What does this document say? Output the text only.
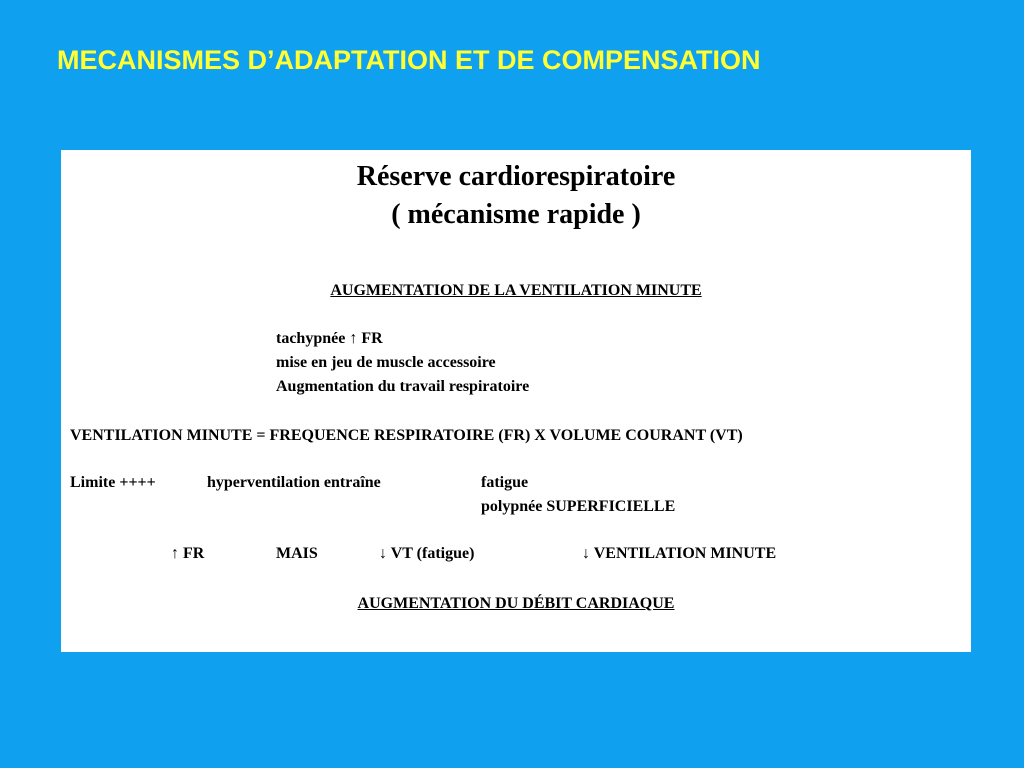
MECANISMES D’ADAPTATION ET DE COMPENSATION
Réserve cardiorespiratoire
( mécanisme rapide )
AUGMENTATION DE LA VENTILATION MINUTE
tachypnée ↑ FR
mise en jeu de muscle accessoire
Augmentation du travail respiratoire
VENTILATION MINUTE = FREQUENCE RESPIRATOIRE (FR) X VOLUME COURANT (VT)
Limite ++++	hyperventilation entraîne	fatigue
polypnée SUPERFICIELLE
↑ FR	MAIS	↓ VT (fatigue)	↓ VENTILATION MINUTE
AUGMENTATION DU DÉBIT CARDIAQUE
